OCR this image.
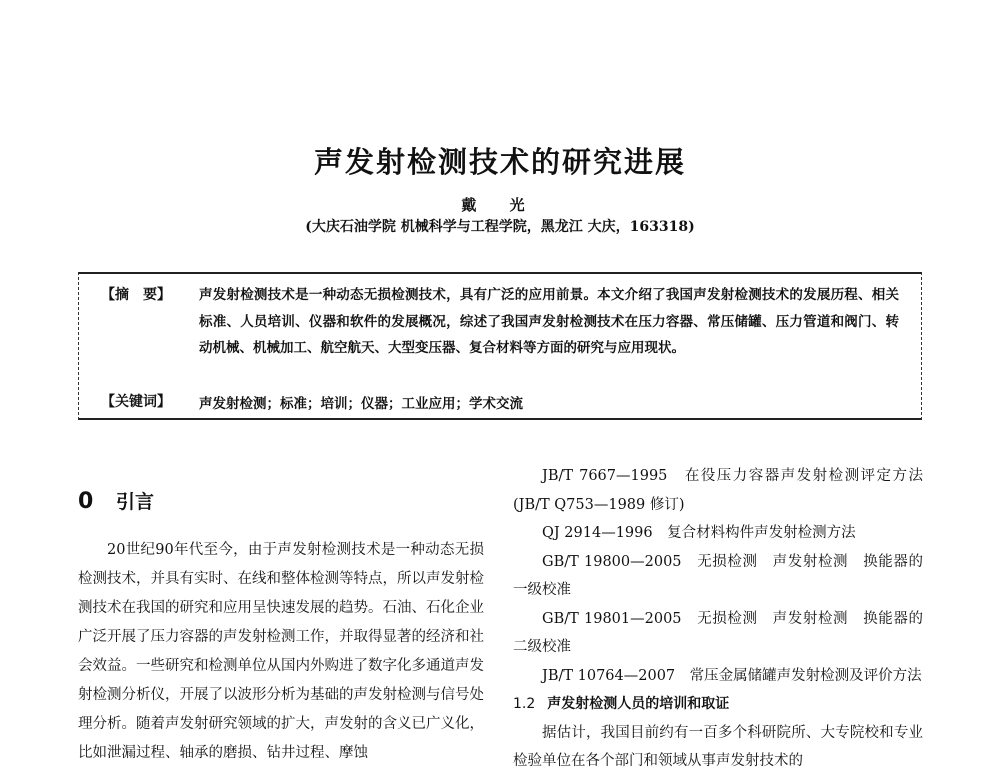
声发射检测技术的研究进展
戴 光
(大庆石油学院 机械科学与工程学院，黑龙江 大庆，163318)
【摘　要】 声发射检测技术是一种动态无损检测技术，具有广泛的应用前景。本文介绍了我国声发射检测技术的发展历程、相关标准、人员培训、仪器和软件的发展概况，综述了我国声发射检测技术在压力容器、常压储罐、压力管道和阀门、转动机械、机械加工、航空航天、大型变压器、复合材料等方面的研究与应用现状。
【关键词】 声发射检测；标准；培训；仪器；工业应用；学术交流
0 引言

20世纪90年代至今，由于声发射检测技术是一种动态无损检测技术，并具有实时、在线和整体检测等特点，所以声发射检测技术在我国的研究和应用呈快速发展的趋势。石油、石化企业广泛开展了压力容器的声发射检测工作，并取得显著的经济和社会效益。一些研究和检测单位从国内外购进了数字化多通道声发射检测分析仪，开展了以波形分析为基础的声发射检测与信号处理分析。随着声发射研究领域的扩大，声发射的含义已广义化，比如泄漏过程、轴承的磨损、钻井过程、摩蚀

JB/T 7667—1995　在役压力容器声发射检测评定方法(JB/T Q753—1989 修订)

QJ 2914—1996　复合材料构件声发射检测方法

GB/T 19800—2005　无损检测　声发射检测　换能器的一级校准

GB/T 19801—2005　无损检测　声发射检测　换能器的二级校准

JB/T 10764—2007　常压金属储罐声发射检测及评价方法

1.2 声发射检测人员的培训和取证

据估计，我国目前约有一百多个科研院所、大专院校和专业检验单位在各个部门和领域从事声发射技术的
